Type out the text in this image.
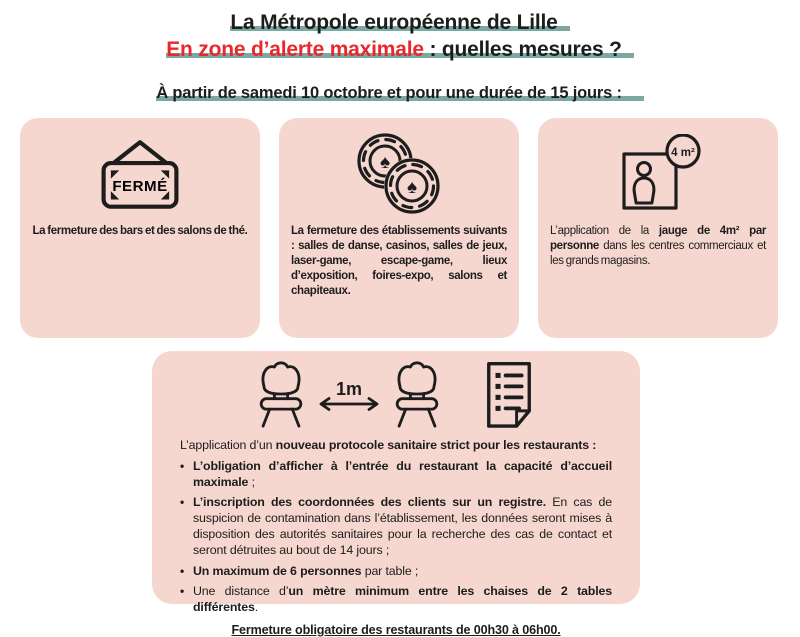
La Métropole européenne de Lille
En zone d’alerte maximale : quelles mesures ?
À partir de samedi 10 octobre et pour une durée de 15 jours :
FERMÉ
La fermeture des bars et des salons de thé.
♠
♠
La fermeture des établissements suivants : salles de danse, casinos, salles de jeux, laser-game, escape-game, lieux d’exposition, foires-expo, salons et chapiteaux.
4 m²
L’application de la jauge de 4m² par personne dans les centres commerciaux et les grands magasins.
1m
L’application d’un nouveau protocole sanitaire strict pour les restaurants :
• L’obligation d’afficher à l’entrée du restaurant la capacité d’accueil maximale ;
• L’inscription des coordonnées des clients sur un registre. En cas de suspicion de contamination dans l’établissement, les données seront mises à disposition des autorités sanitaires pour la recherche des cas de contact et seront détruites au bout de 14 jours ;
• Un maximum de 6 personnes par table ;
• Une distance d’un mètre minimum entre les chaises de 2 tables différentes.
Fermeture obligatoire des restaurants de 00h30 à 06h00.
